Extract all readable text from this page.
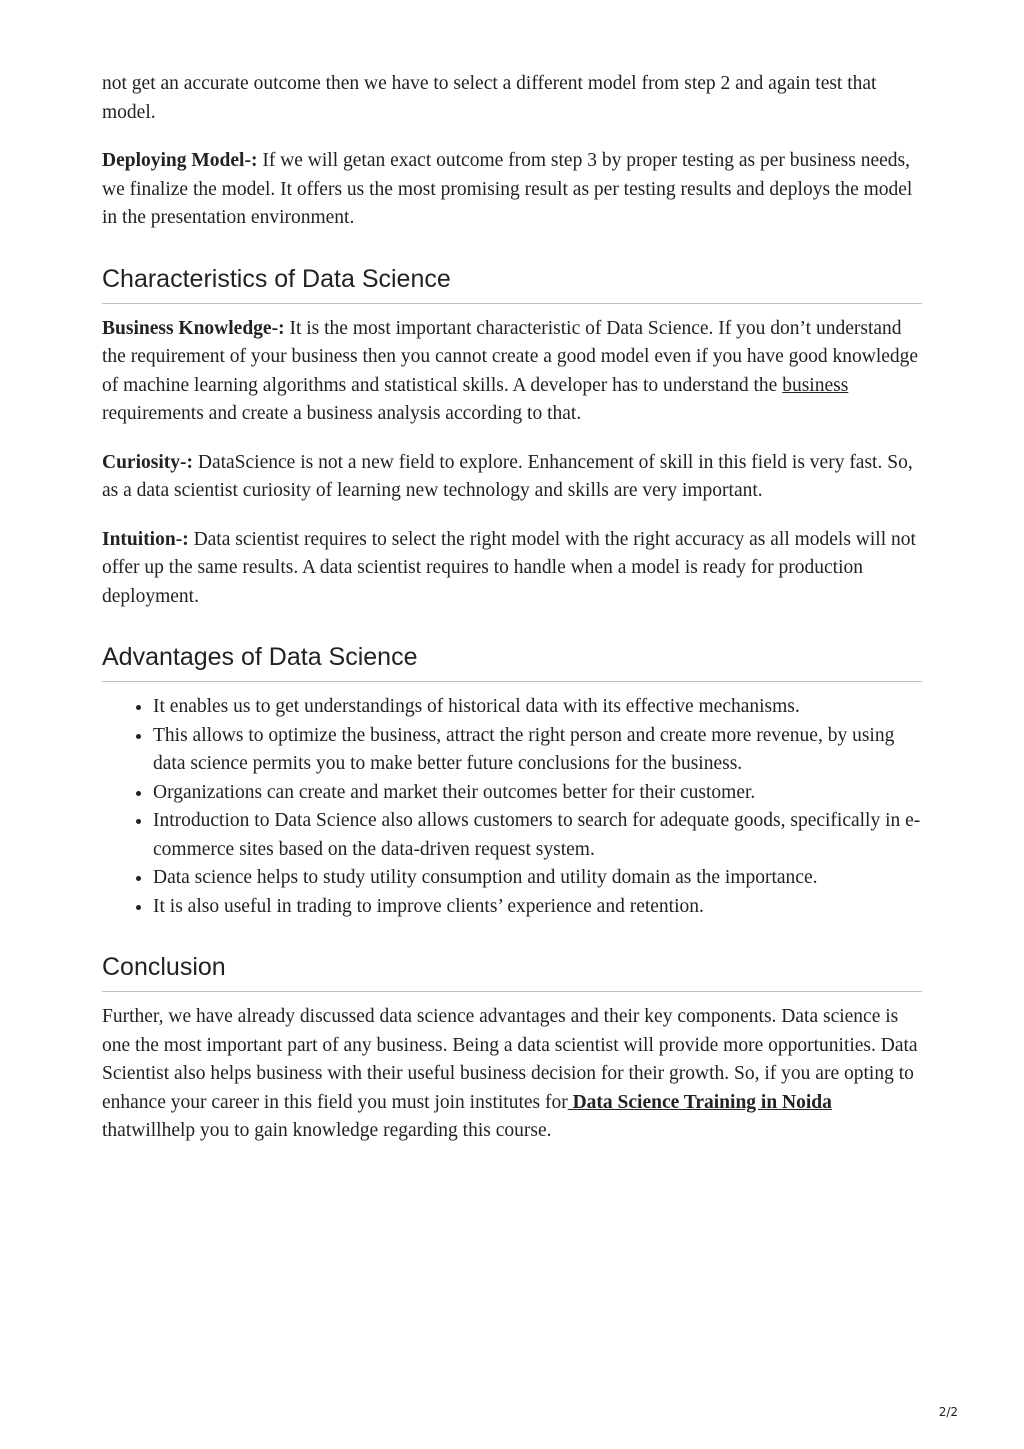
not get an accurate outcome then we have to select a different model from step 2 and again test that model.

Deploying Model-: If we will getan exact outcome from step 3 by proper testing as per business needs, we finalize the model. It offers us the most promising result as per testing results and deploys the model in the presentation environment.

Characteristics of Data Science

Business Knowledge-: It is the most important characteristic of Data Science. If you don’t understand the requirement of your business then you cannot create a good model even if you have good knowledge of machine learning algorithms and statistical skills. A developer has to understand the business requirements and create a business analysis according to that.

Curiosity-: DataScience is not a new field to explore. Enhancement of skill in this field is very fast. So, as a data scientist curiosity of learning new technology and skills are very important.

Intuition-: Data scientist requires to select the right model with the right accuracy as all models will not offer up the same results. A data scientist requires to handle when a model is ready for production deployment.

Advantages of Data Science
• It enables us to get understandings of historical data with its effective mechanisms.
• This allows to optimize the business, attract the right person and create more revenue, by using data science permits you to make better future conclusions for the business.
• Organizations can create and market their outcomes better for their customer.
• Introduction to Data Science also allows customers to search for adequate goods, specifically in e-commerce sites based on the data-driven request system.
• Data science helps to study utility consumption and utility domain as the importance.
• It is also useful in trading to improve clients’ experience and retention.
Conclusion

Further, we have already discussed data science advantages and their key components. Data science is one the most important part of any business. Being a data scientist will provide more opportunities. Data Scientist also helps business with their useful business decision for their growth. So, if you are opting to enhance your career in this field you must join institutes for Data Science Training in Noida thatwillhelp you to gain knowledge regarding this course.

2/2
